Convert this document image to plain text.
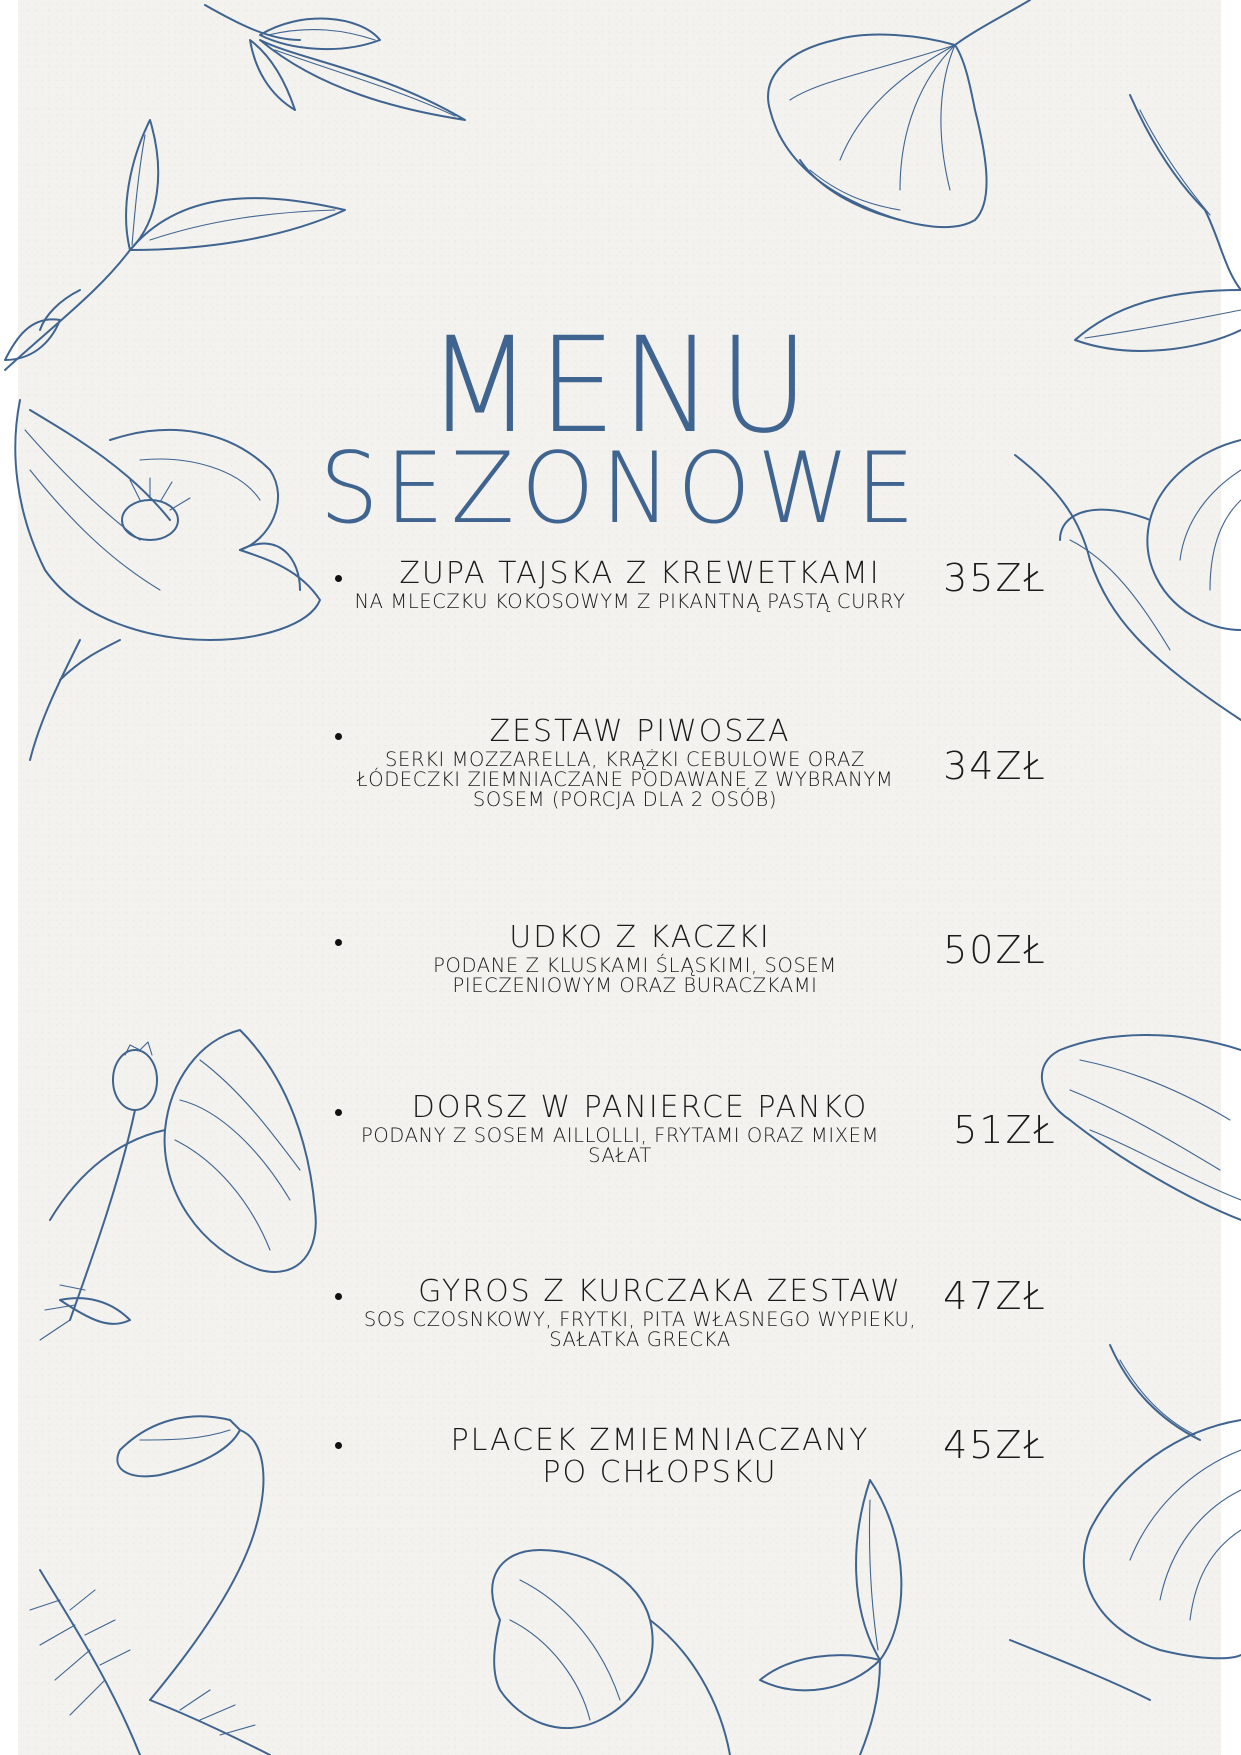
MENU
SEZONOWE
ZUPA TAJSKA Z KREWETKAMI
NA MLECZKU KOKOSOWYM Z PIKANTNĄ PASTĄ CURRY
35ZŁ
ZESTAW PIWOSZA
SERKI MOZZARELLA, KRĄŻKI CEBULOWE ORAZ ŁÓDECZKI ZIEMNIACZANE PODAWANE Z WYBRANYM SOSEM (PORCJA DLA 2 OSÓB)
34ZŁ
UDKO Z KACZKI
PODANE Z KLUSKAMI ŚLĄSKIMI, SOSEM PIECZENIOWYM ORAZ BURACZKAMI
50ZŁ
DORSZ W PANIERCE PANKO
PODANY Z SOSEM AILLOLLI, FRYTAMI ORAZ MIXEM SAŁAT
51ZŁ
GYROS Z KURCZAKA ZESTAW
SOS CZOSNKOWY, FRYTKI, PITA WŁASNEGO WYPIEKU, SAŁATKA GRECKA
47ZŁ
PLACEK ZMIEMNIACZANY PO CHŁOPSKU
45ZŁ
